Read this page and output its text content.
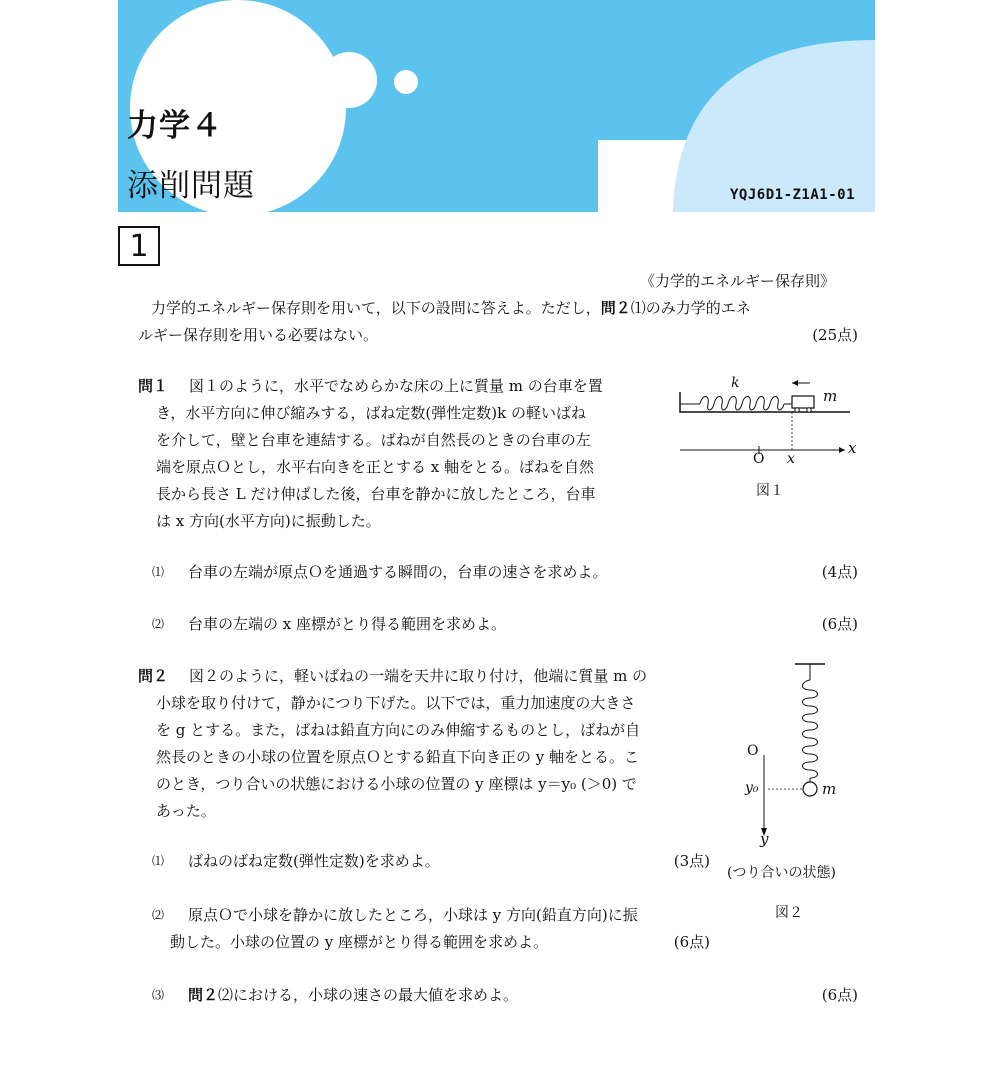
力学４
添削問題	YQJ6D1-Z1A1-01
1
《力学的エネルギー保存則》
力学的エネルギー保存則を用いて，以下の設問に答えよ。ただし，問２⑴のみ力学的エネ
ルギー保存則を用いる必要はない。	(25点)
問１ 図１のように，水平でなめらかな床の上に質量 m の台車を置
き，水平方向に伸び縮みする，ばね定数(弾性定数)k の軽いばね
を介して，壁と台車を連結する。ばねが自然長のときの台車の左
端を原点Ｏとし，水平右向きを正とする x 軸をとる。ばねを自然
長から長さ L だけ伸ばした後，台車を静かに放したところ，台車
は x 方向(水平方向)に振動した。
k
m
x
O x
図１
⑴ 台車の左端が原点Ｏを通過する瞬間の，台車の速さを求めよ。	(4点)
⑵ 台車の左端の x 座標がとり得る範囲を求めよ。	(6点)
問２ 図２のように，軽いばねの一端を天井に取り付け，他端に質量 m の
小球を取り付けて，静かにつり下げた。以下では，重力加速度の大きさ
を g とする。また，ばねは鉛直方向にのみ伸縮するものとし，ばねが自
然長のときの小球の位置を原点Ｏとする鉛直下向き正の y 軸をとる。こ
のとき，つり合いの状態における小球の位置の y 座標は y＝y₀ (＞0) で
あった。
O
y₀	m
y
(つり合いの状態)
図２
⑴ ばねのばね定数(弾性定数)を求めよ。	(3点)
⑵ 原点Ｏで小球を静かに放したところ，小球は y 方向(鉛直方向)に振
動した。小球の位置の y 座標がとり得る範囲を求めよ。	(6点)
⑶ 問２⑵における，小球の速さの最大値を求めよ。	(6点)
